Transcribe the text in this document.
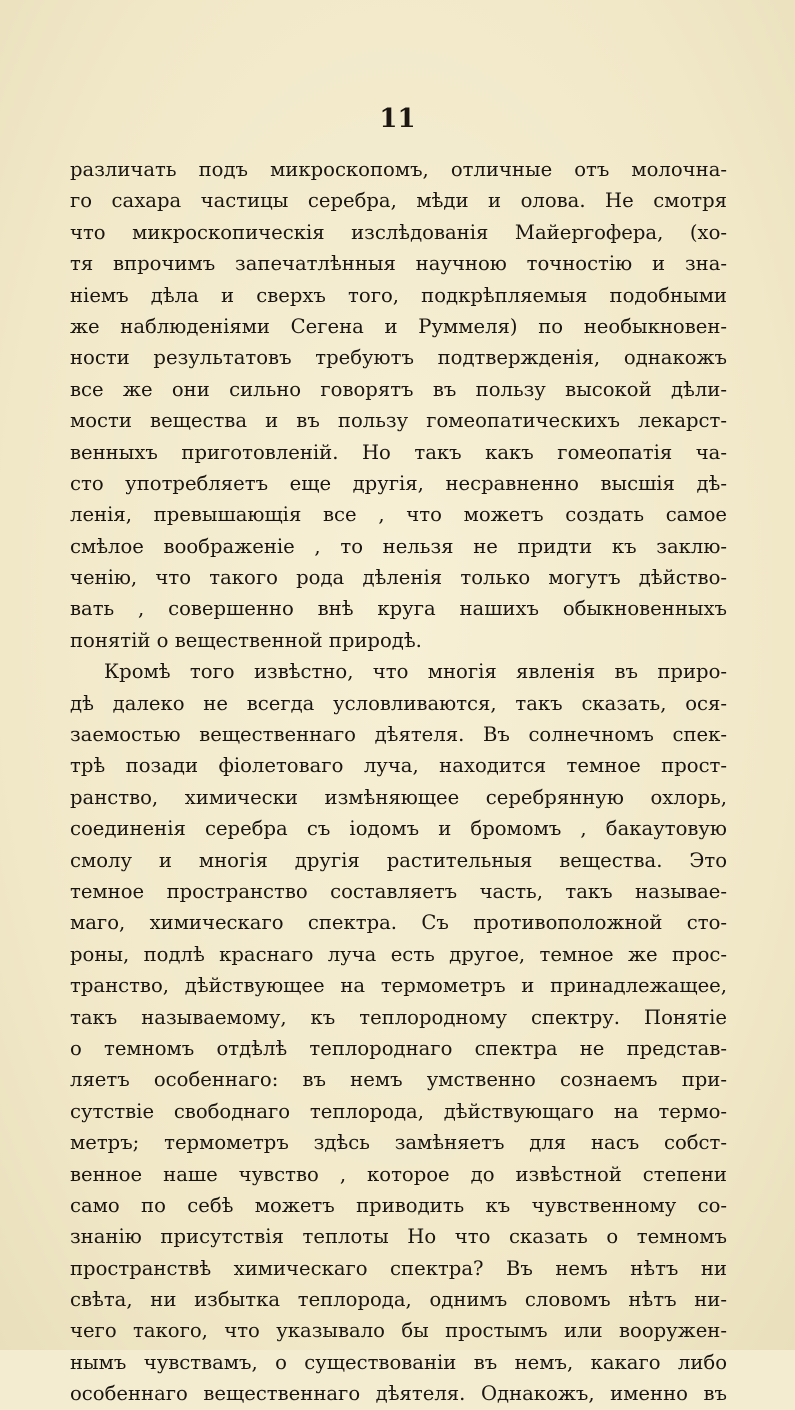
11
различать подъ микроскопомъ, отличные отъ молочна-
го сахара частицы серебра, мѣди и олова. Не смотря
что микроскопическія изслѣдованія Майергофера, (хо-
тя впрочимъ запечатлѣнныя научною точностію и зна-
ніемъ дѣла и сверхъ того, подкрѣпляемыя подобными
же наблюденіями Сегена и Руммеля) по необыкновен-
ности результатовъ требуютъ подтвержденія, однакожъ
все же они сильно говорятъ въ пользу высокой дѣли-
мости вещества и въ пользу гомеопатическихъ лекарст-
венныхъ приготовленій. Но такъ какъ гомеопатія ча-
сто употребляетъ еще другія, несравненно высшія дѣ-
ленія, превышающія все , что можетъ создать самое
смѣлое воображеніе , то нельзя не придти къ заклю-
ченію, что такого рода дѣленія только могутъ дѣйство-
вать , совершенно внѣ круга нашихъ обыкновенныхъ
понятій о вещественной природѣ.
Кромѣ того извѣстно, что многія явленія въ приро-
дѣ далеко не всегда условливаются, такъ сказать, ося-
заемостью вещественнаго дѣятеля. Въ солнечномъ спек-
трѣ позади фіолетоваго луча, находится темное прост-
ранство, химически измѣняющее серебрянную охлорь,
соединенія серебра съ іодомъ и бромомъ , бакаутовую
смолу и многія другія растительныя вещества. Это
темное пространство составляетъ часть, такъ называе-
маго, химическаго спектра. Съ противоположной сто-
роны, подлѣ краснаго луча есть другое, темное же прос-
транство, дѣйствующее на термометръ и принадлежащее,
такъ называемому, къ теплородному спектру. Понятіе
о темномъ отдѣлѣ теплороднаго спектра не представ-
ляетъ особеннаго: въ немъ умственно сознаемъ при-
сутствіе свободнаго теплорода, дѣйствующаго на термо-
метръ; термометръ здѣсь замѣняетъ для насъ собст-
венное наше чувство , которое до извѣстной степени
само по себѣ можетъ приводить къ чувственному со-
знанію присутствія теплоты Но что сказать о темномъ
пространствѣ химическаго спектра? Въ немъ нѣтъ ни
свѣта, ни избытка теплорода, однимъ словомъ нѣтъ ни-
чего такого, что указывало бы простымъ или вооружен-
нымъ чувствамъ, о существованіи въ немъ, какаго либо
особеннаго вещественнаго дѣятеля. Однакожъ, именно въ
